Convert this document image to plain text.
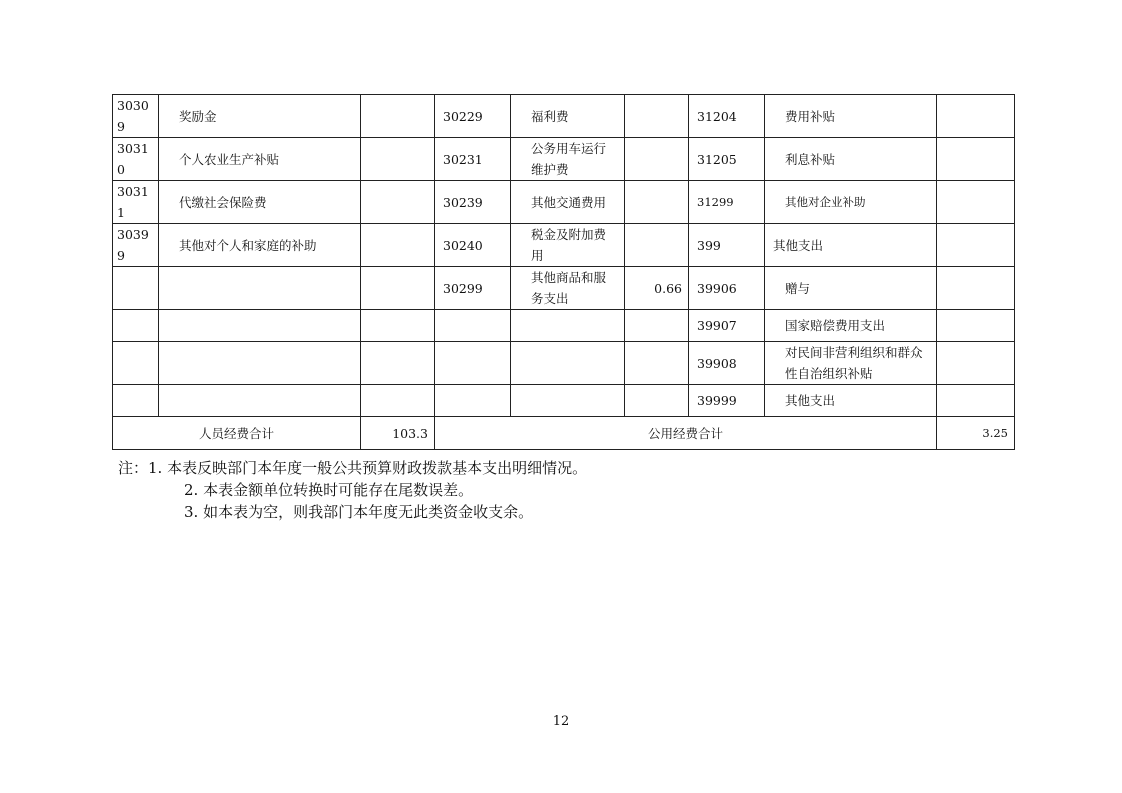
30309	奖励金		30229	福利费		31204	费用补贴	
30310	个人农业生产补贴		30231	公务用车运行维护费		31205	利息补贴	
30311	代缴社会保险费		30239	其他交通费用		31299	其他对企业补助	
30399	其他对个人和家庭的补助		30240	税金及附加费用		399	其他支出	
			30299	其他商品和服务支出	0.66	39906	赠与	
						39907	国家赔偿费用支出	
						39908	对民间非营利组织和群众性自治组织补贴	
						39999	其他支出	
人员经费合计		103.3	公用经费合计					3.25
注：1. 本表反映部门本年度一般公共预算财政拨款基本支出明细情况。
2. 本表金额单位转换时可能存在尾数误差。
3. 如本表为空，则我部门本年度无此类资金收支余。
12
